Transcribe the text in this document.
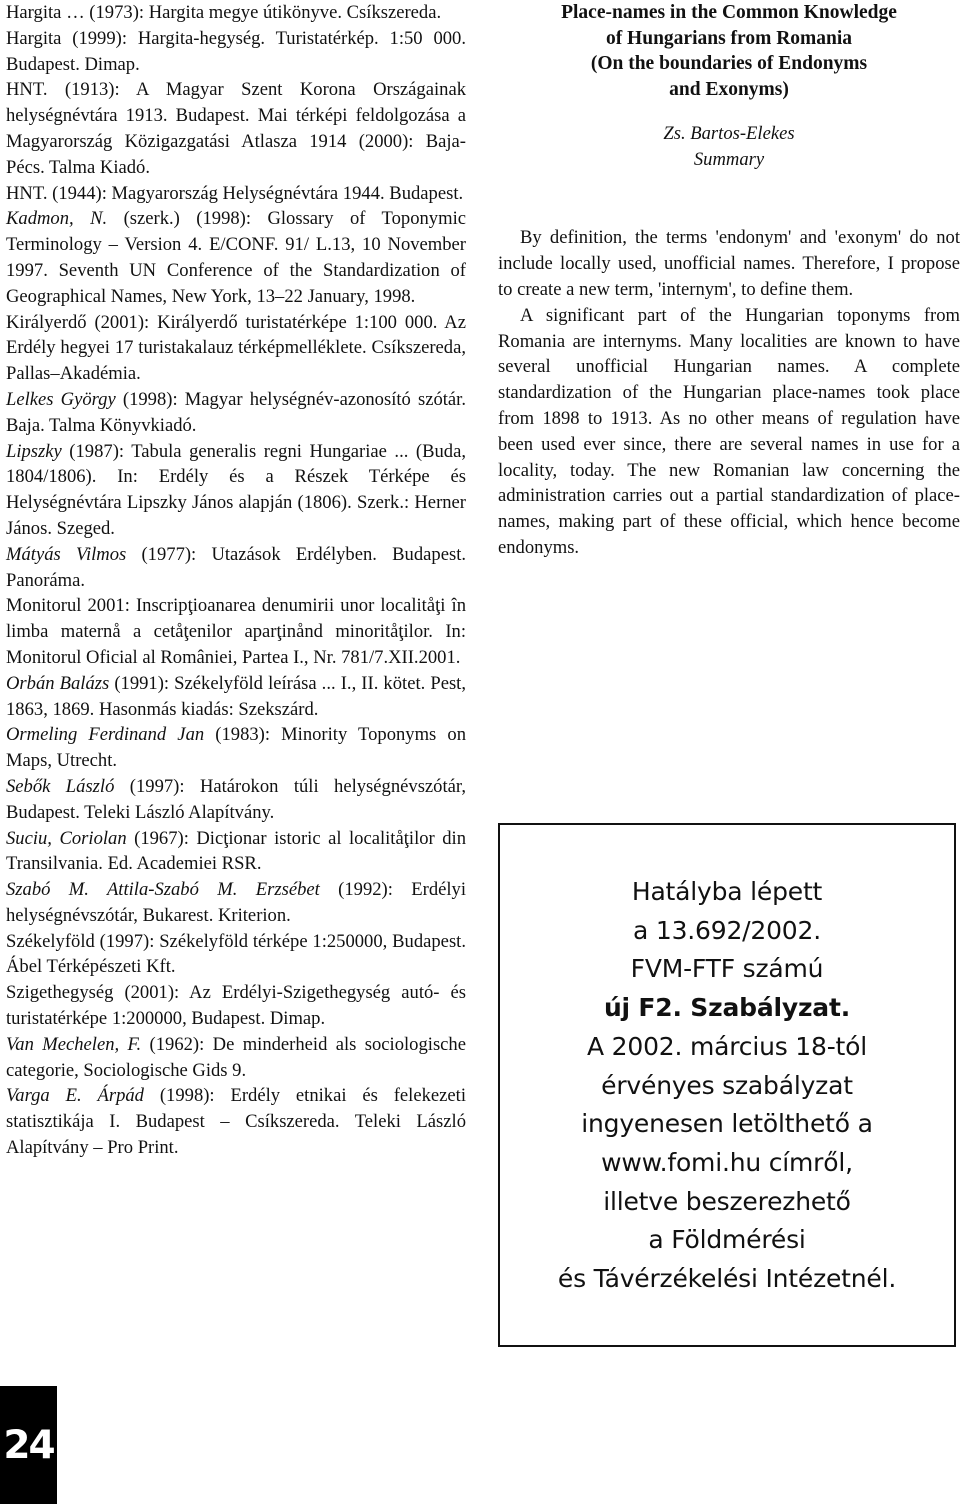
Hargita … (1973): Hargita megye útikönyve. Csíkszereda.

Hargita (1999): Hargita-hegység. Turistatérkép. 1:50 000. Budapest. Dimap.

HNT. (1913): A Magyar Szent Korona Országainak helységnévtára 1913. Budapest. Mai térképi feldolgozása a Magyarország Közigazgatási Atlasza 1914 (2000): Baja-Pécs. Talma Kiadó.

HNT. (1944): Magyarország Helységnévtára 1944. Budapest.

Kadmon, N. (szerk.) (1998): Glossary of Toponymic Terminology – Version 4. E/CONF. 91/ L.13, 10 November 1997. Seventh UN Conference of the Standardization of Geographical Names, New York, 13–22 January, 1998.

Királyerdő (2001): Királyerdő turistatérképe 1:100 000. Az Erdély hegyei 17 turistakalauz térképmelléklete. Csíkszereda, Pallas–Akadémia.

Lelkes György (1998): Magyar helységnév-azonosító szótár. Baja. Talma Könyvkiadó.

Lipszky (1987): Tabula generalis regni Hungariae ... (Buda, 1804/1806). In: Erdély és a Részek Térképe és Helységnévtára Lipszky János alapján (1806). Szerk.: Herner János. Szeged.

Mátyás Vilmos (1977): Utazások Erdélyben. Budapest. Panoráma.

Monitorul 2001: Inscripţioanarea denumirii unor localitåţi în limba maternå a cetåţenilor aparţinånd minoritåţilor. In: Monitorul Oficial al României, Partea I., Nr. 781/7.XII.2001.

Orbán Balázs (1991): Székelyföld leírása ... I., II. kötet. Pest, 1863, 1869. Hasonmás kiadás: Szekszárd.

Ormeling Ferdinand Jan (1983): Minority Toponyms on Maps, Utrecht.

Sebők László (1997): Határokon túli helységnévszótár, Budapest. Teleki László Alapítvány.

Suciu, Coriolan (1967): Dicţionar istoric al localitåţilor din Transilvania. Ed. Academiei RSR.

Szabó M. Attila-Szabó M. Erzsébet (1992): Erdélyi helységnévszótár, Bukarest. Kriterion.

Székelyföld (1997): Székelyföld térképe 1:250000, Budapest. Ábel Térképészeti Kft.

Szigethegység (2001): Az Erdélyi-Szigethegység autó- és turistatérképe 1:200000, Budapest. Dimap.

Van Mechelen, F. (1962): De minderheid als sociologische categorie, Sociologische Gids 9.

Varga E. Árpád (1998): Erdély etnikai és felekezeti statisztikája I. Budapest – Csíkszereda. Teleki László Alapítvány – Pro Print.

Place-names in the Common Knowledge
of Hungarians from Romania
(On the boundaries of Endonyms
and Exonyms)
Zs. Bartos-Elekes
Summary

By definition, the terms 'endonym' and 'exonym' do not include locally used, unofficial names. Therefore, I propose to create a new term, 'internym', to define them.

A significant part of the Hungarian toponyms from Romania are internyms. Many localities are known to have several unofficial Hungarian names. A complete standardization of the Hungarian place-names took place from 1898 to 1913. As no other means of regulation have been used ever since, there are several names in use for a locality, today. The new Romanian law concerning the administration carries out a partial standardization of place-names, making part of these official, which hence become endonyms.

Hatályba lépett
a 13.692/2002.
FVM-FTF számú
új F2. Szabályzat.
A 2002. március 18-tól
érvényes szabályzat
ingyenesen letölthető a
www.fomi.hu címről,
illetve beszerezhető
a Földmérési
és Távérzékelési Intézetnél.
24
